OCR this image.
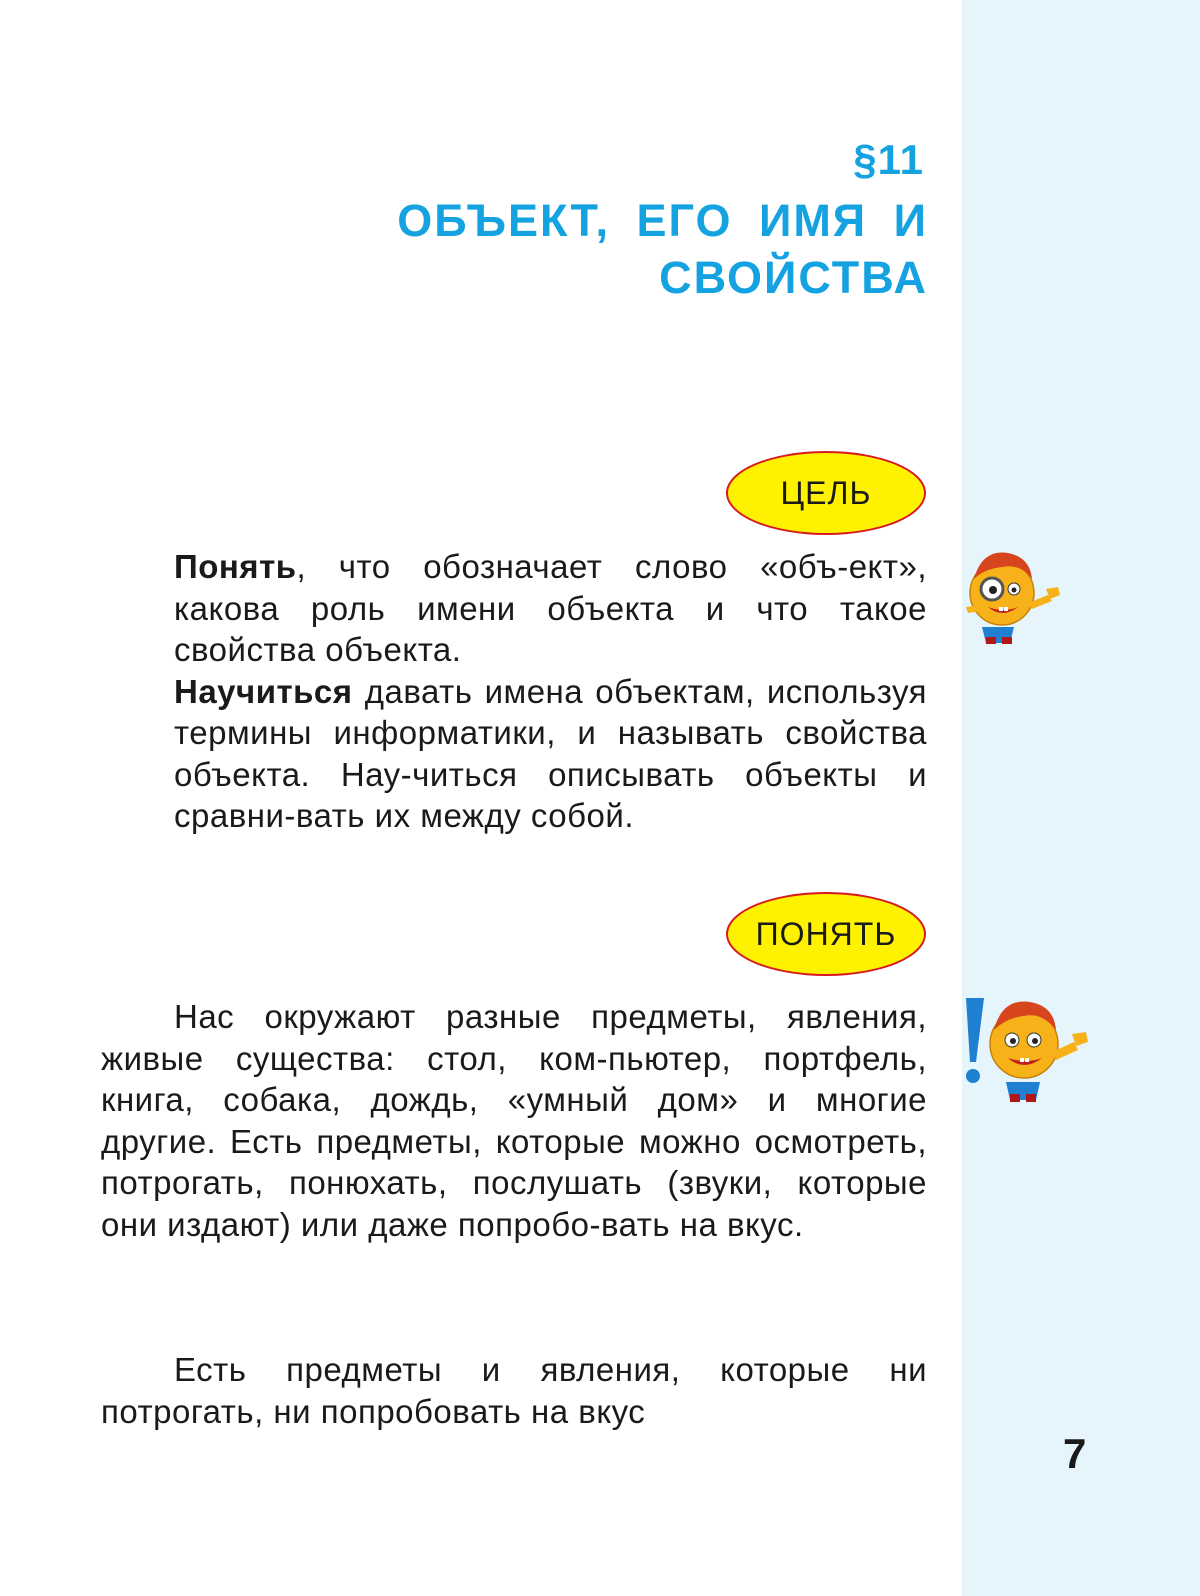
§11
ОБЪЕКТ, ЕГО ИМЯ И СВОЙСТВА
ЦЕЛЬ

Понять, что обозначает слово «объ-ект», какова роль имени объекта и что такое свойства объекта.
Научиться давать имена объектам, используя термины информатики, и называть свойства объекта. Нау-читься описывать объекты и сравни-вать их между собой.

ПОНЯТЬ

Нас окружают разные предметы, явления, живые существа: стол, ком-пьютер, портфель, книга, собака, дождь, «умный дом» и многие другие. Есть предметы, которые можно осмотреть, потрогать, понюхать, послушать (звуки, которые они издают) или даже попробо-вать на вкус.

Есть предметы и явления, которые ни потрогать, ни попробовать на вкус

7
